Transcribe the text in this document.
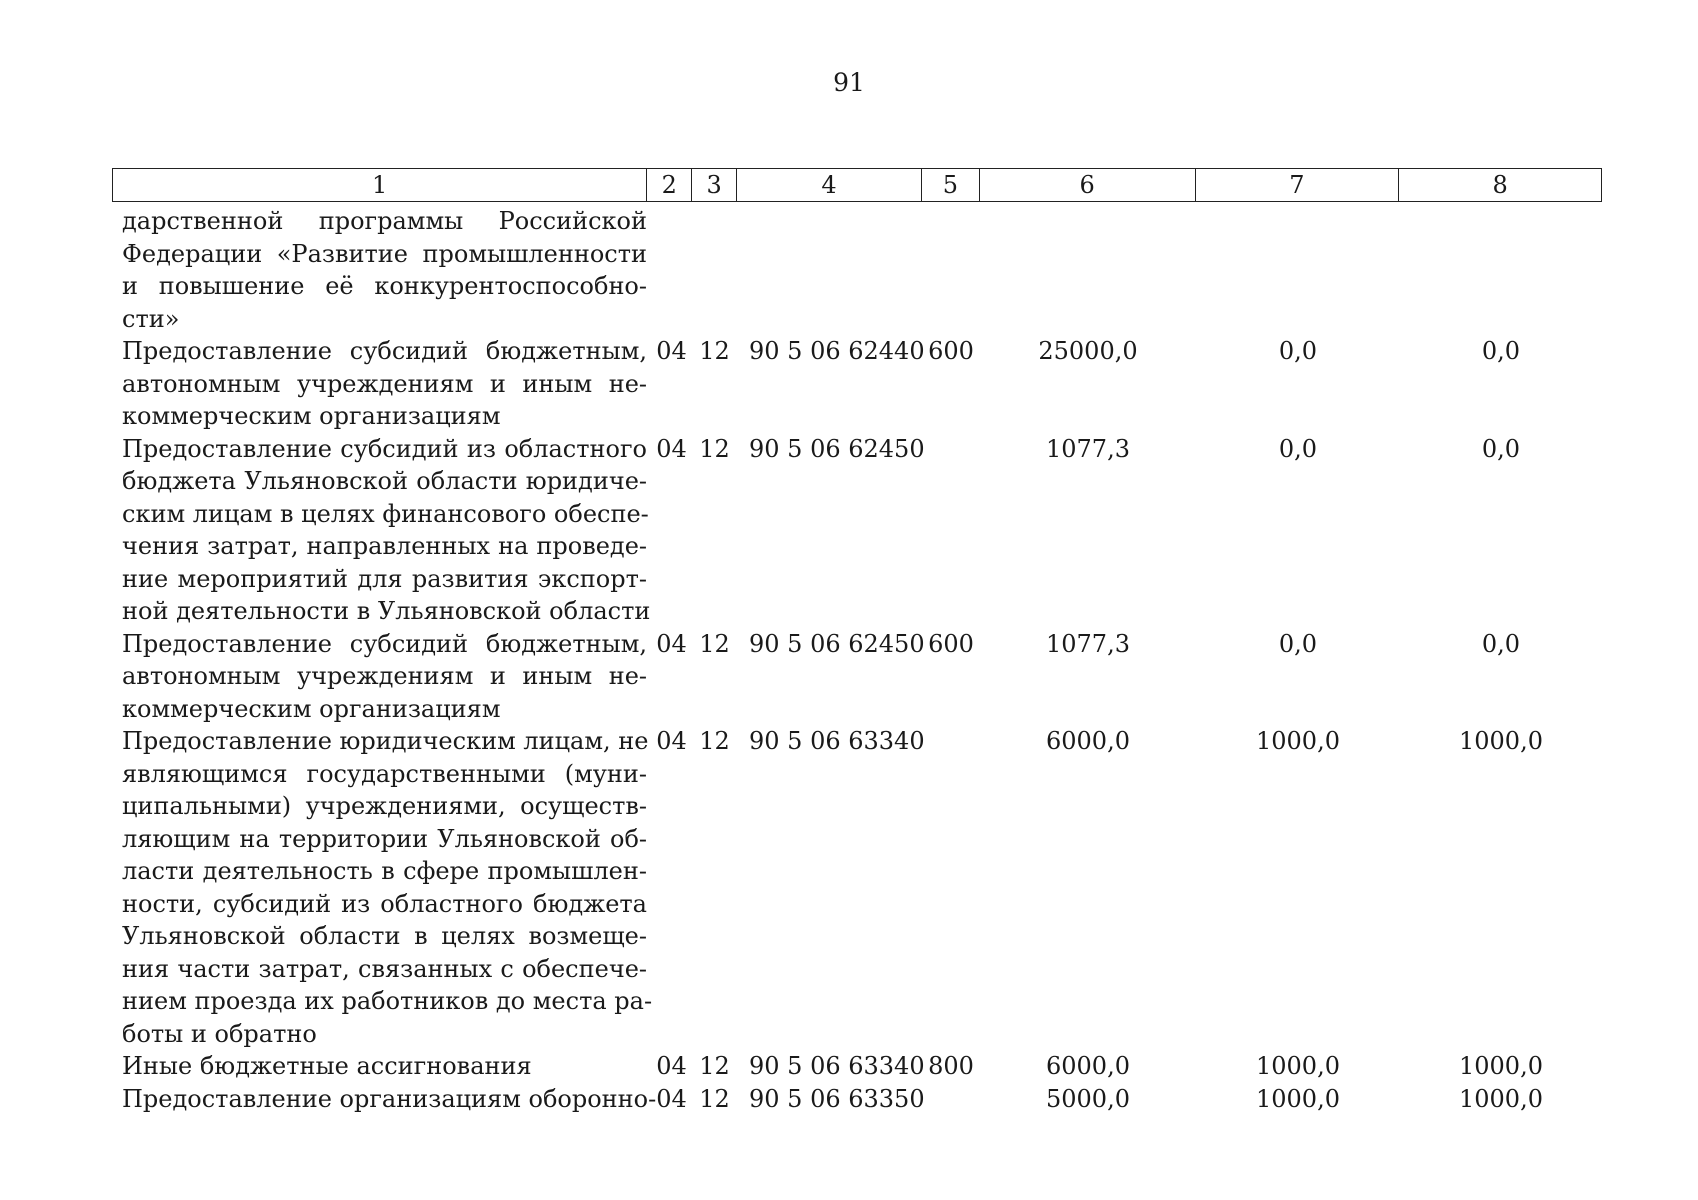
91
1	2	3	4	5	6	7	8
дарственной программы Российской
Федерации «Развитие промышленности
и повышение её конкурентоспособно-
сти»
Предоставление субсидий бюджетным,
автономным учреждениям и иным не-
коммерческим организациям
04 12 90 5 06 62440 600	25000,0	0,0	0,0
Предоставление субсидий из областного
бюджета Ульяновской области юридиче-
ским лицам в целях финансового обеспе-
чения затрат, направленных на проведе-
ние мероприятий для развития экспорт-
ной деятельности в Ульяновской области
04 12 90 5 06 62450	1077,3	0,0	0,0
Предоставление субсидий бюджетным,
автономным учреждениям и иным не-
коммерческим организациям
04 12 90 5 06 62450 600	1077,3	0,0	0,0
Предоставление юридическим лицам, не
являющимся государственными (муни-
ципальными) учреждениями, осуществ-
ляющим на территории Ульяновской об-
ласти деятельность в сфере промышлен-
ности, субсидий из областного бюджета
Ульяновской области в целях возмеще-
ния части затрат, связанных с обеспече-
нием проезда их работников до места ра-
боты и обратно
04 12 90 5 06 63340	6000,0	1000,0	1000,0
Иные бюджетные ассигнования	04 12 90 5 06 63340 800	6000,0	1000,0	1000,0
Предоставление организациям оборонно- 04 12 90 5 06 63350	5000,0	1000,0	1000,0
